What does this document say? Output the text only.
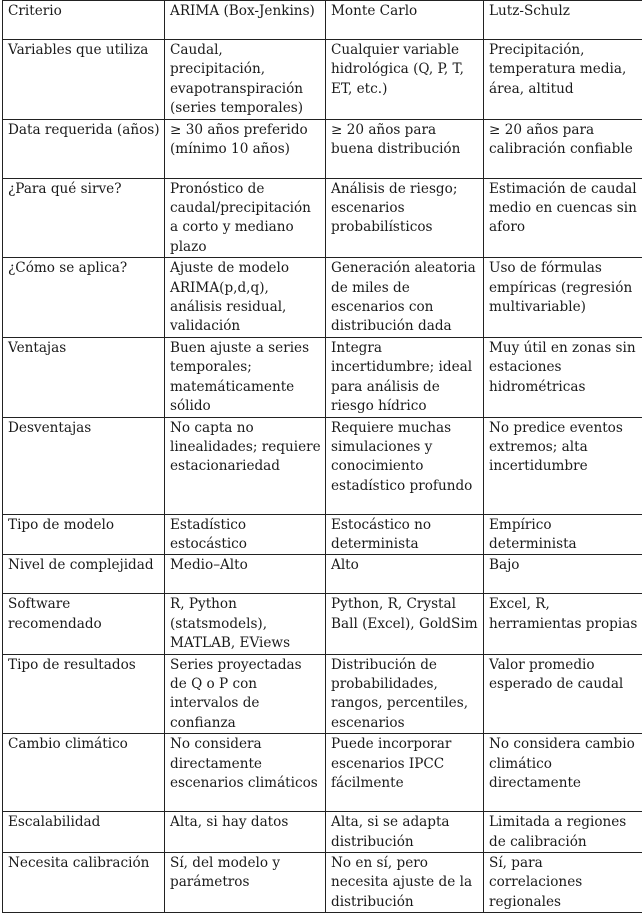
Criterio	ARIMA (Box-Jenkins)	Monte Carlo	Lutz-Schulz
Variables que utiliza	Caudal, precipitación, evapotranspiración (series temporales)	Cualquier variable hidrológica (Q, P, T, ET, etc.)	Precipitación, temperatura media, área, altitud
Data requerida (años)	≥ 30 años preferido (mínimo 10 años)	≥ 20 años para buena distribución	≥ 20 años para calibración confiable
¿Para qué sirve?	Pronóstico de caudal/precipitación a corto y mediano plazo	Análisis de riesgo; escenarios probabilísticos	Estimación de caudal medio en cuencas sin aforo
¿Cómo se aplica?	Ajuste de modelo ARIMA(p,d,q), análisis residual, validación	Generación aleatoria de miles de escenarios con distribución dada	Uso de fórmulas empíricas (regresión multivariable)
Ventajas	Buen ajuste a series temporales; matemáticamente sólido	Integra incertidumbre; ideal para análisis de riesgo hídrico	Muy útil en zonas sin estaciones hidrométricas
Desventajas	No capta no linealidades; requiere estacionariedad	Requiere muchas simulaciones y conocimiento estadístico profundo	No predice eventos extremos; alta incertidumbre
Tipo de modelo	Estadístico estocástico	Estocástico no determinista	Empírico determinista
Nivel de complejidad	Medio–Alto	Alto	Bajo
Software recomendado	R, Python (statsmodels), MATLAB, EViews	Python, R, Crystal Ball (Excel), GoldSim	Excel, R, herramientas propias
Tipo de resultados	Series proyectadas de Q o P con intervalos de confianza	Distribución de probabilidades, rangos, percentiles, escenarios	Valor promedio esperado de caudal
Cambio climático	No considera directamente escenarios climáticos	Puede incorporar escenarios IPCC fácilmente	No considera cambio climático directamente
Escalabilidad	Alta, si hay datos	Alta, si se adapta distribución	Limitada a regiones de calibración
Necesita calibración	Sí, del modelo y parámetros	No en sí, pero necesita ajuste de la distribución	Sí, para correlaciones regionales
